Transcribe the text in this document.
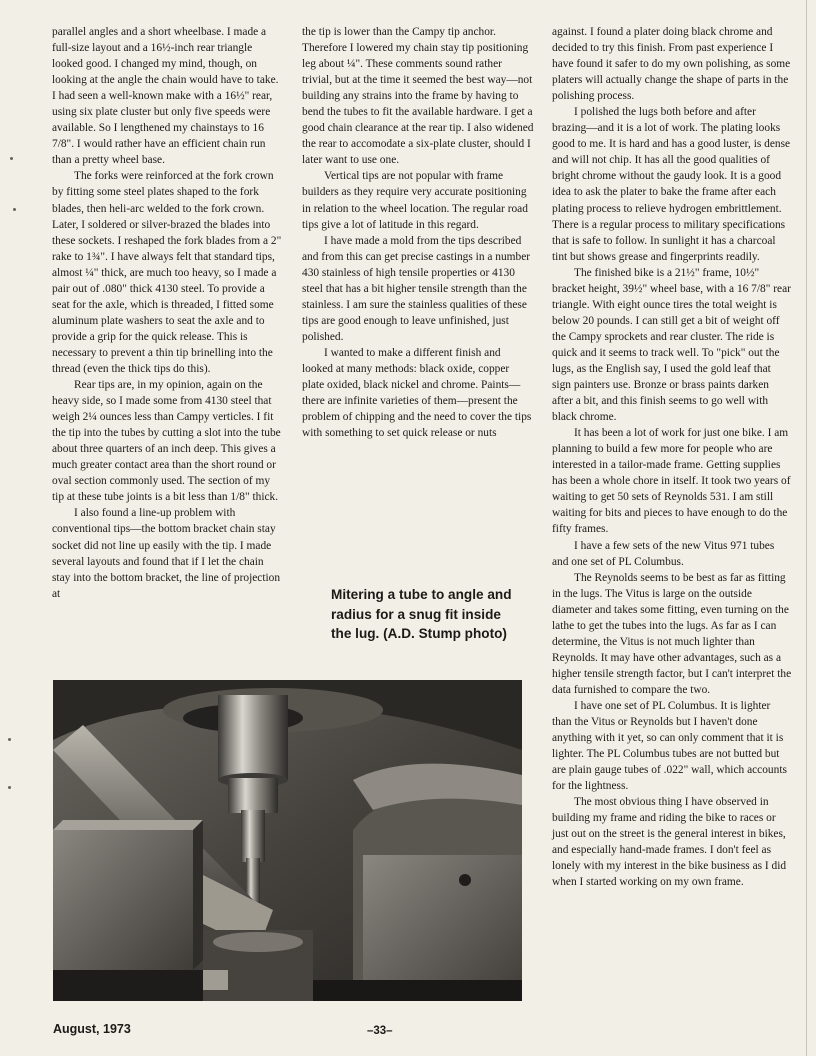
parallel angles and a short wheelbase. I made a full-size layout and a 16½-inch rear triangle looked good. I changed my mind, though, on looking at the angle the chain would have to take. I had seen a well-known make with a 16½" rear, using six plate cluster but only five speeds were available. So I lengthened my chainstays to 16 7/8". I would rather have an efficient chain run than a pretty wheel base.

The forks were reinforced at the fork crown by fitting some steel plates shaped to the fork blades, then heli-arc welded to the fork crown. Later, I soldered or silver-brazed the blades into these sockets. I reshaped the fork blades from a 2" rake to 1¾". I have always felt that standard tips, almost ¼" thick, are much too heavy, so I made a pair out of .080" thick 4130 steel. To provide a seat for the axle, which is threaded, I fitted some aluminum plate washers to seat the axle and to provide a grip for the quick release. This is necessary to prevent a thin tip brinelling into the thread (even the thick tips do this).

Rear tips are, in my opinion, again on the heavy side, so I made some from 4130 steel that weigh 2¼ ounces less than Campy verticles. I fit the tip into the tubes by cutting a slot into the tube about three quarters of an inch deep. This gives a much greater contact area than the short round or oval section commonly used. The section of my tip at these tube joints is a bit less than 1/8" thick.

I also found a line-up problem with conventional tips—the bottom bracket chain stay socket did not line up easily with the tip. I made several layouts and found that if I let the chain stay into the bottom bracket, the line of projection at

the tip is lower than the Campy tip anchor. Therefore I lowered my chain stay tip positioning leg about ¼". These comments sound rather trivial, but at the time it seemed the best way—not building any strains into the frame by having to bend the tubes to fit the available hardware. I get a good chain clearance at the rear tip. I also widened the rear to accomodate a six-plate cluster, should I later want to use one.

Vertical tips are not popular with frame builders as they require very accurate positioning in relation to the wheel location. The regular road tips give a lot of latitude in this regard.

I have made a mold from the tips described and from this can get precise castings in a number 430 stainless of high tensile properties or 4130 steel that has a bit higher tensile strength than the stainless. I am sure the stainless qualities of these tips are good enough to leave unfinished, just polished.

I wanted to make a different finish and looked at many methods: black oxide, copper plate oxided, black nickel and chrome. Paints—there are infinite varieties of them—present the problem of chipping and the need to cover the tips with something to set quick release or nuts

against. I found a plater doing black chrome and decided to try this finish. From past experience I have found it safer to do my own polishing, as some platers will actually change the shape of parts in the polishing process.

I polished the lugs both before and after brazing—and it is a lot of work. The plating looks good to me. It is hard and has a good luster, is dense and will not chip. It has all the good qualities of bright chrome without the gaudy look. It is a good idea to ask the plater to bake the frame after each plating process to relieve hydrogen embrittlement. There is a regular process to military specifications that is safe to follow. In sunlight it has a charcoal tint but shows grease and fingerprints readily.

The finished bike is a 21½" frame, 10½" bracket height, 39½" wheel base, with a 16 7/8" rear triangle. With eight ounce tires the total weight is below 20 pounds. I can still get a bit of weight off the Campy sprockets and rear cluster. The ride is quick and it seems to track well. To "pick" out the lugs, as the English say, I used the gold leaf that sign painters use. Bronze or brass paints darken after a bit, and this finish seems to go well with black chrome.

It has been a lot of work for just one bike. I am planning to build a few more for people who are interested in a tailor-made frame. Getting supplies has been a whole chore in itself. It took two years of waiting to get 50 sets of Reynolds 531. I am still waiting for bits and pieces to have enough to do the fifty frames.

I have a few sets of the new Vitus 971 tubes and one set of PL Columbus.

The Reynolds seems to be best as far as fitting in the lugs. The Vitus is large on the outside diameter and takes some fitting, even turning on the lathe to get the tubes into the lugs. As far as I can determine, the Vitus is not much lighter than Reynolds. It may have other advantages, such as a higher tensile strength factor, but I can't interpret the data furnished to compare the two.

I have one set of PL Columbus. It is lighter than the Vitus or Reynolds but I haven't done anything with it yet, so can only comment that it is lighter. The PL Columbus tubes are not butted but are plain gauge tubes of .022" wall, which accounts for the lightness.

The most obvious thing I have observed in building my frame and riding the bike to races or just out on the street is the general interest in bikes, and especially hand-made frames. I don't feel as lonely with my interest in the bike business as I did when I started working on my own frame.

Mitering a tube to angle and radius for a snug fit inside the lug. (A.D. Stump photo)

August, 1973	–33–
